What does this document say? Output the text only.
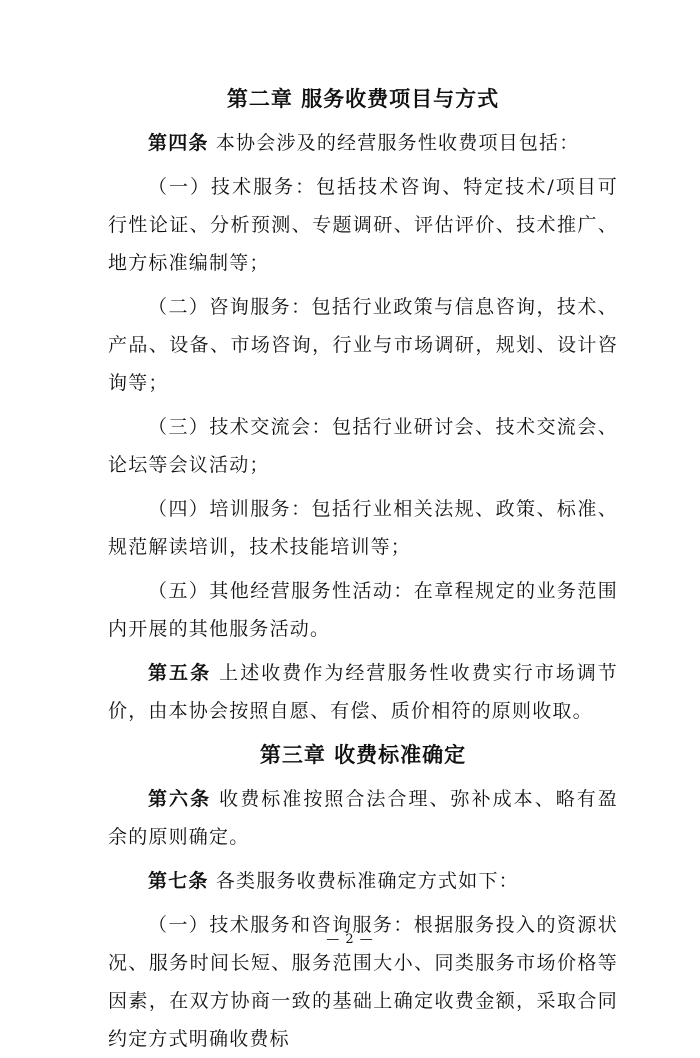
第二章 服务收费项目与方式

第四条 本协会涉及的经营服务性收费项目包括：

（一）技术服务：包括技术咨询、特定技术/项目可行性论证、分析预测、专题调研、评估评价、技术推广、地方标准编制等；

（二）咨询服务：包括行业政策与信息咨询，技术、产品、设备、市场咨询，行业与市场调研，规划、设计咨询等；

（三）技术交流会：包括行业研讨会、技术交流会、论坛等会议活动；

（四）培训服务：包括行业相关法规、政策、标准、规范解读培训，技术技能培训等；

（五）其他经营服务性活动：在章程规定的业务范围内开展的其他服务活动。

第五条 上述收费作为经营服务性收费实行市场调节价，由本协会按照自愿、有偿、质价相符的原则收取。

第三章 收费标准确定

第六条 收费标准按照合法合理、弥补成本、略有盈余的原则确定。

第七条 各类服务收费标准确定方式如下：

（一）技术服务和咨询服务：根据服务投入的资源状况、服务时间长短、服务范围大小、同类服务市场价格等因素，在双方协商一致的基础上确定收费金额，采取合同约定方式明确收费标

— 2 —
